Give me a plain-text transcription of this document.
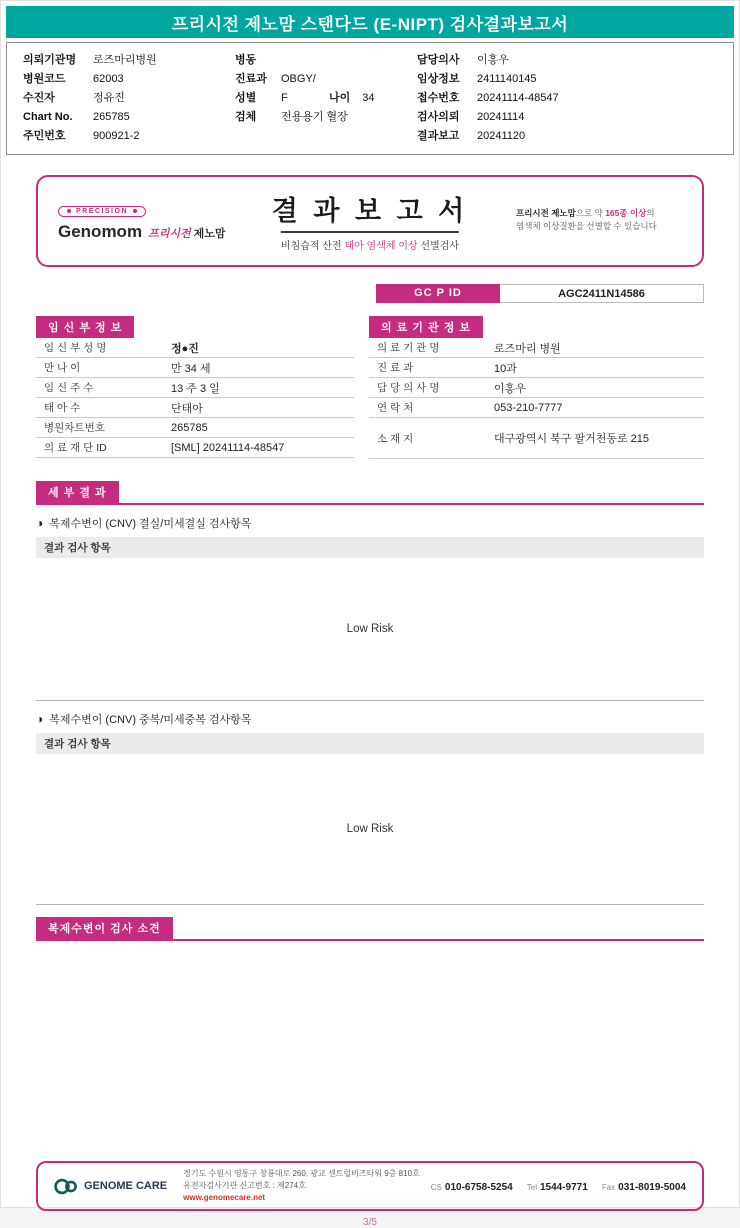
프리시전 제노맘 스탠다드 (E-NIPT) 검사결과보고서
의뢰기관명	로즈마리병원
병원코드	62003
수진자	정유진
Chart No.	265785
주민번호	900921-2
병동
진료과	OBGY/
성별	F	나이 34
검체	전용용기 혈장
담당의사	이홍우
임상정보	2411140145
접수번호	20241114-48547
검사의뢰	20241114
결과보고	20241120
PRECISION
Genomom 프리시전 제노맘
결 과 보 고 서
비침습적 산전 태아 염색체 이상 선별검사
프리시전 제노맘으로 약 165종 이상의
염색체 이상질환을 선별할 수 있습니다
GC P ID	AGC2411N14586
임 신 부 정 보
임 신 부 성 명	정●진
만 나 이	만 34 세
임 신 주 수	13 주 3 일
태 아 수	단태아
병원차트번호	265785
의 료 재 단 ID	[SML] 20241114-48547
의 료 기 관 정 보
의 료 기 관 명	로즈마리 병원
진 료 과	10과
담 당 의 사 명	이홍우
연 락 처	053-210-7777
소 재 지	대구광역시 북구 팔거천동로 215
세 부 결 과
◑ 복제수변이 (CNV) 결실/미세결실 검사항목
결과 검사 항목
Low Risk
◑ 복제수변이 (CNV) 중복/미세중복 검사항목
결과 검사 항목
Low Risk
복제수변이 검사 소견
GENOME CARE
경기도 수원시 영통구 창룡대로 260, 광교 센트럴비즈타워 9층 810호
유전자검사기관 신고번호 : 제274호
www.genomecare.net
CS 010-6758-5254 Tel 1544-9771 Fax 031-8019-5004
3/5
